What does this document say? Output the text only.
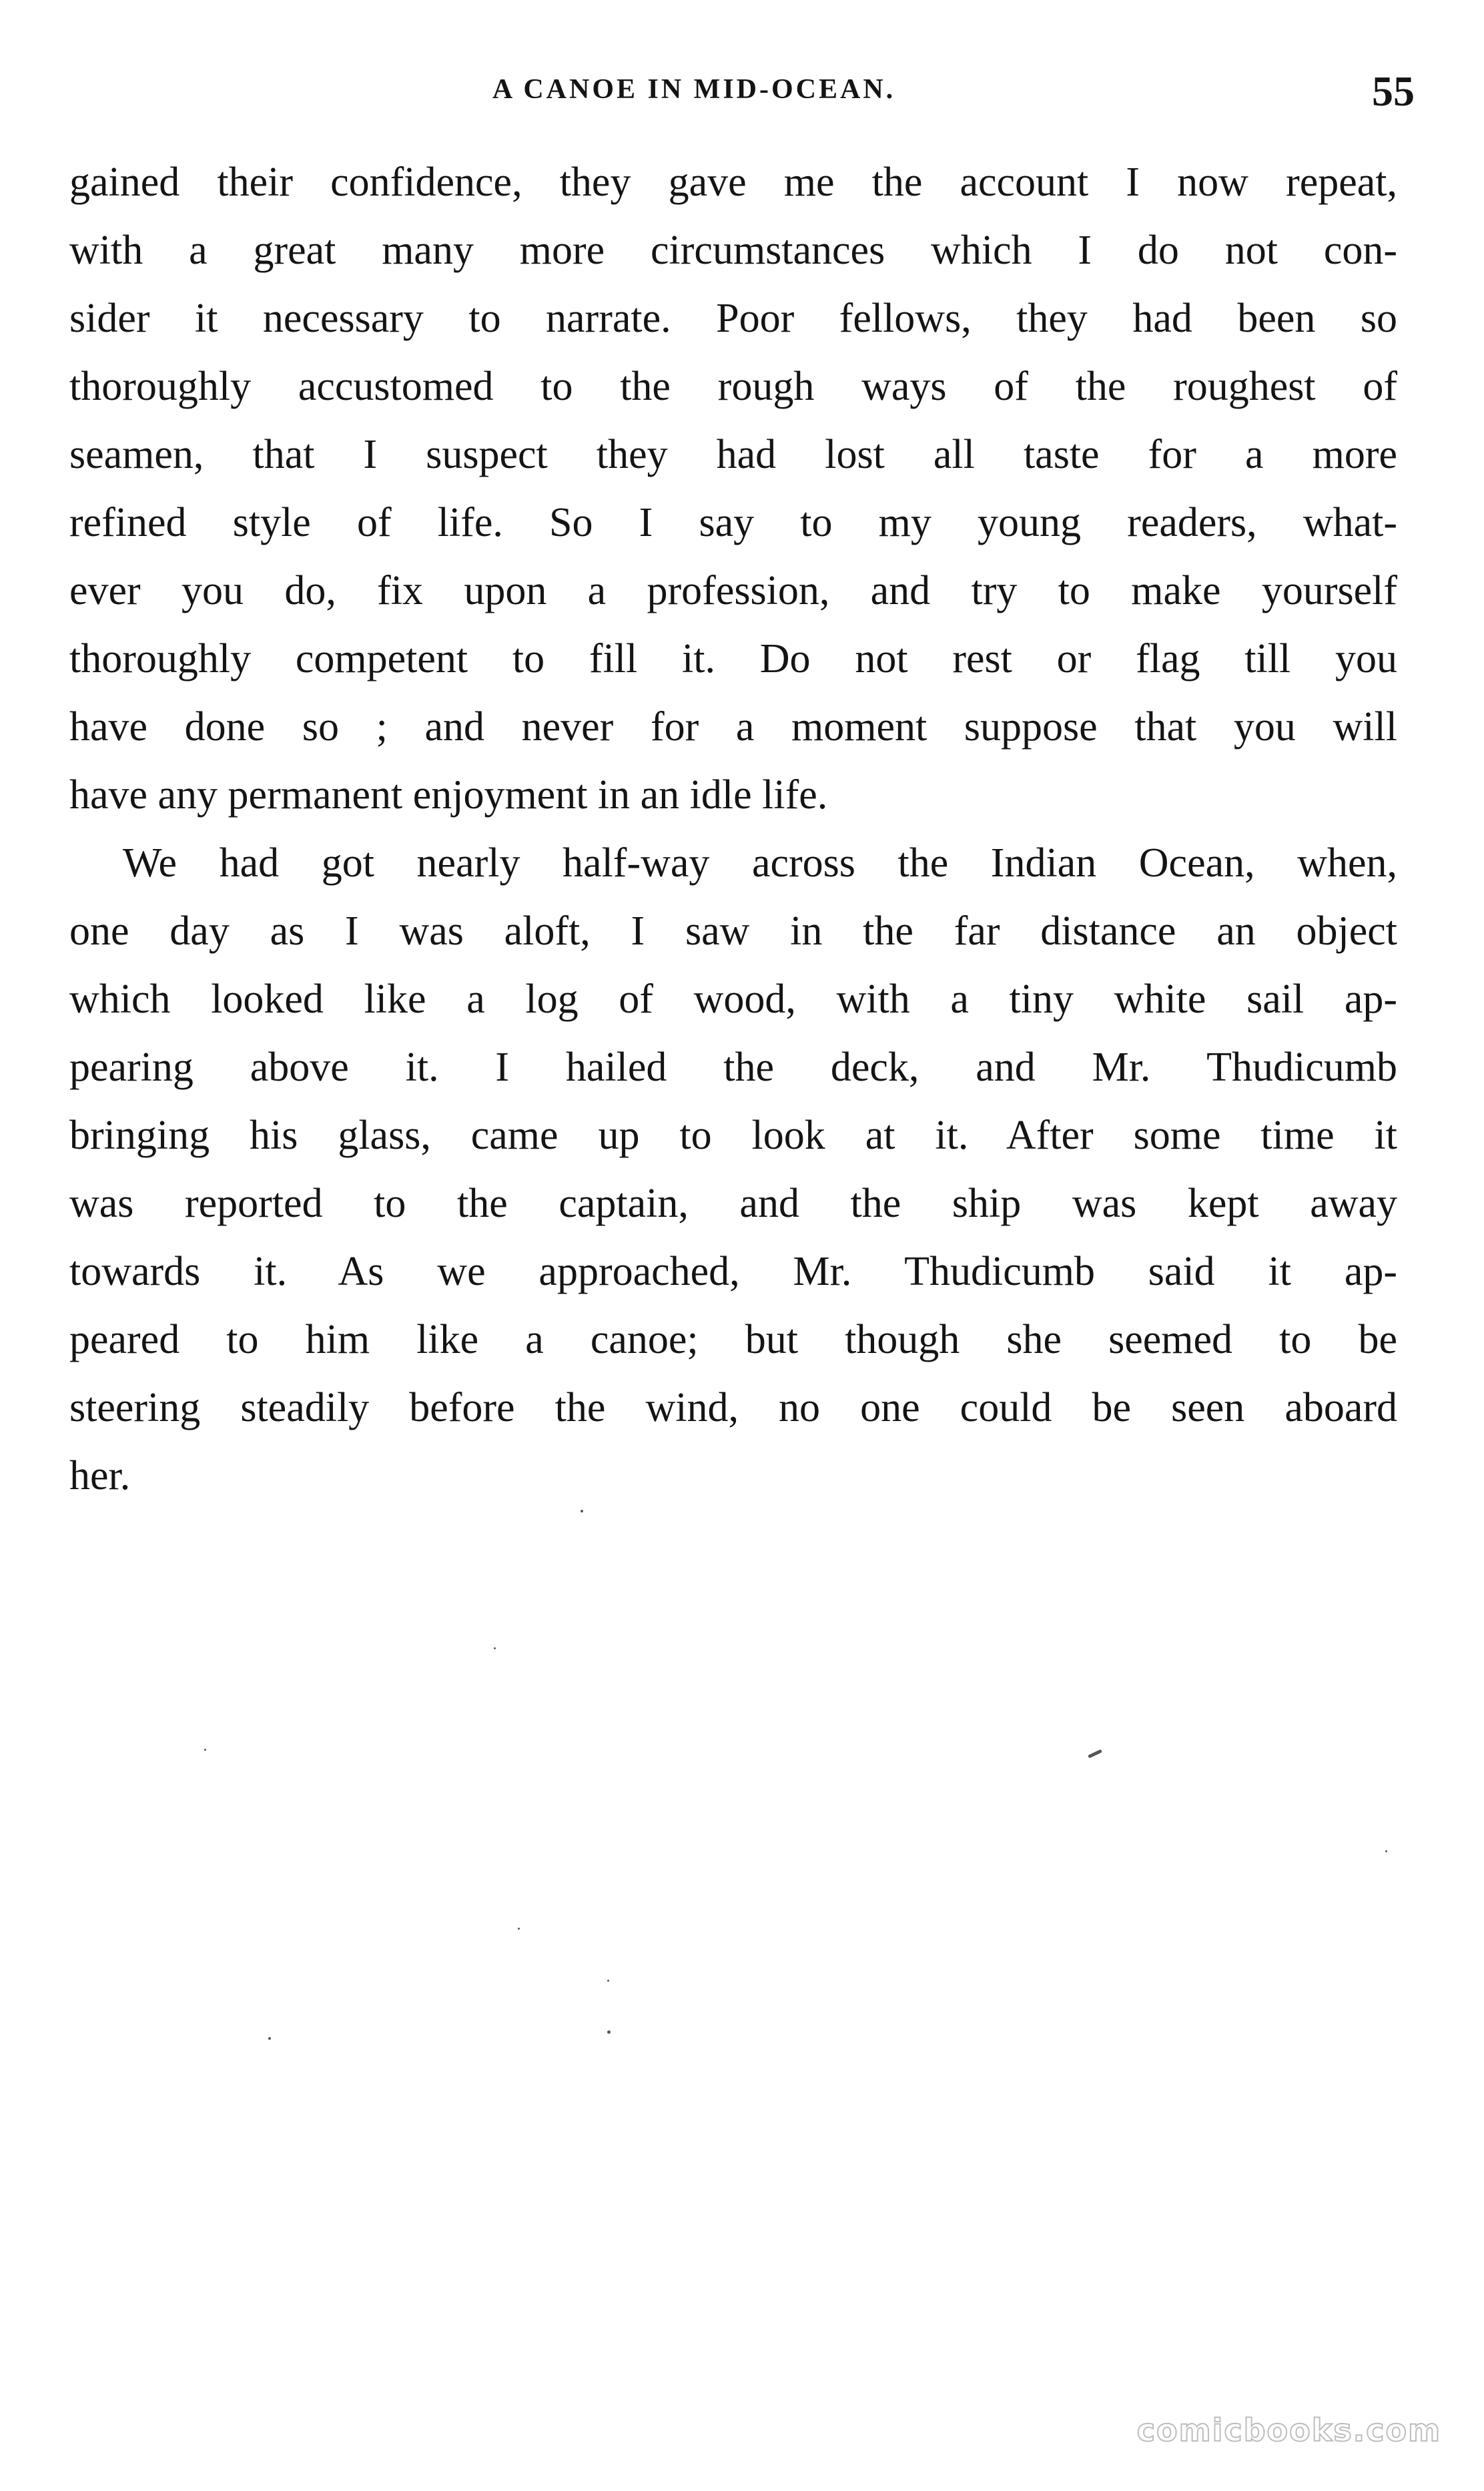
A CANOE IN MID-OCEAN.	55

gained their confidence, they gave me the account I now repeat,
with a great many more circumstances which I do not con-
sider it necessary to narrate. Poor fellows, they had been so
thoroughly accustomed to the rough ways of the roughest of
seamen, that I suspect they had lost all taste for a more
refined style of life. So I say to my young readers, what-
ever you do, fix upon a profession, and try to make yourself
thoroughly competent to fill it. Do not rest or flag till you
have done so ; and never for a moment suppose that you will
have any permanent enjoyment in an idle life.

We had got nearly half-way across the Indian Ocean, when,
one day as I was aloft, I saw in the far distance an object
which looked like a log of wood, with a tiny white sail ap-
pearing above it. I hailed the deck, and Mr. Thudicumb
bringing his glass, came up to look at it. After some time it
was reported to the captain, and the ship was kept away
towards it. As we approached, Mr. Thudicumb said it ap-
peared to him like a canoe; but though she seemed to be
steering steadily before the wind, no one could be seen aboard
her.

comicbooks.com
